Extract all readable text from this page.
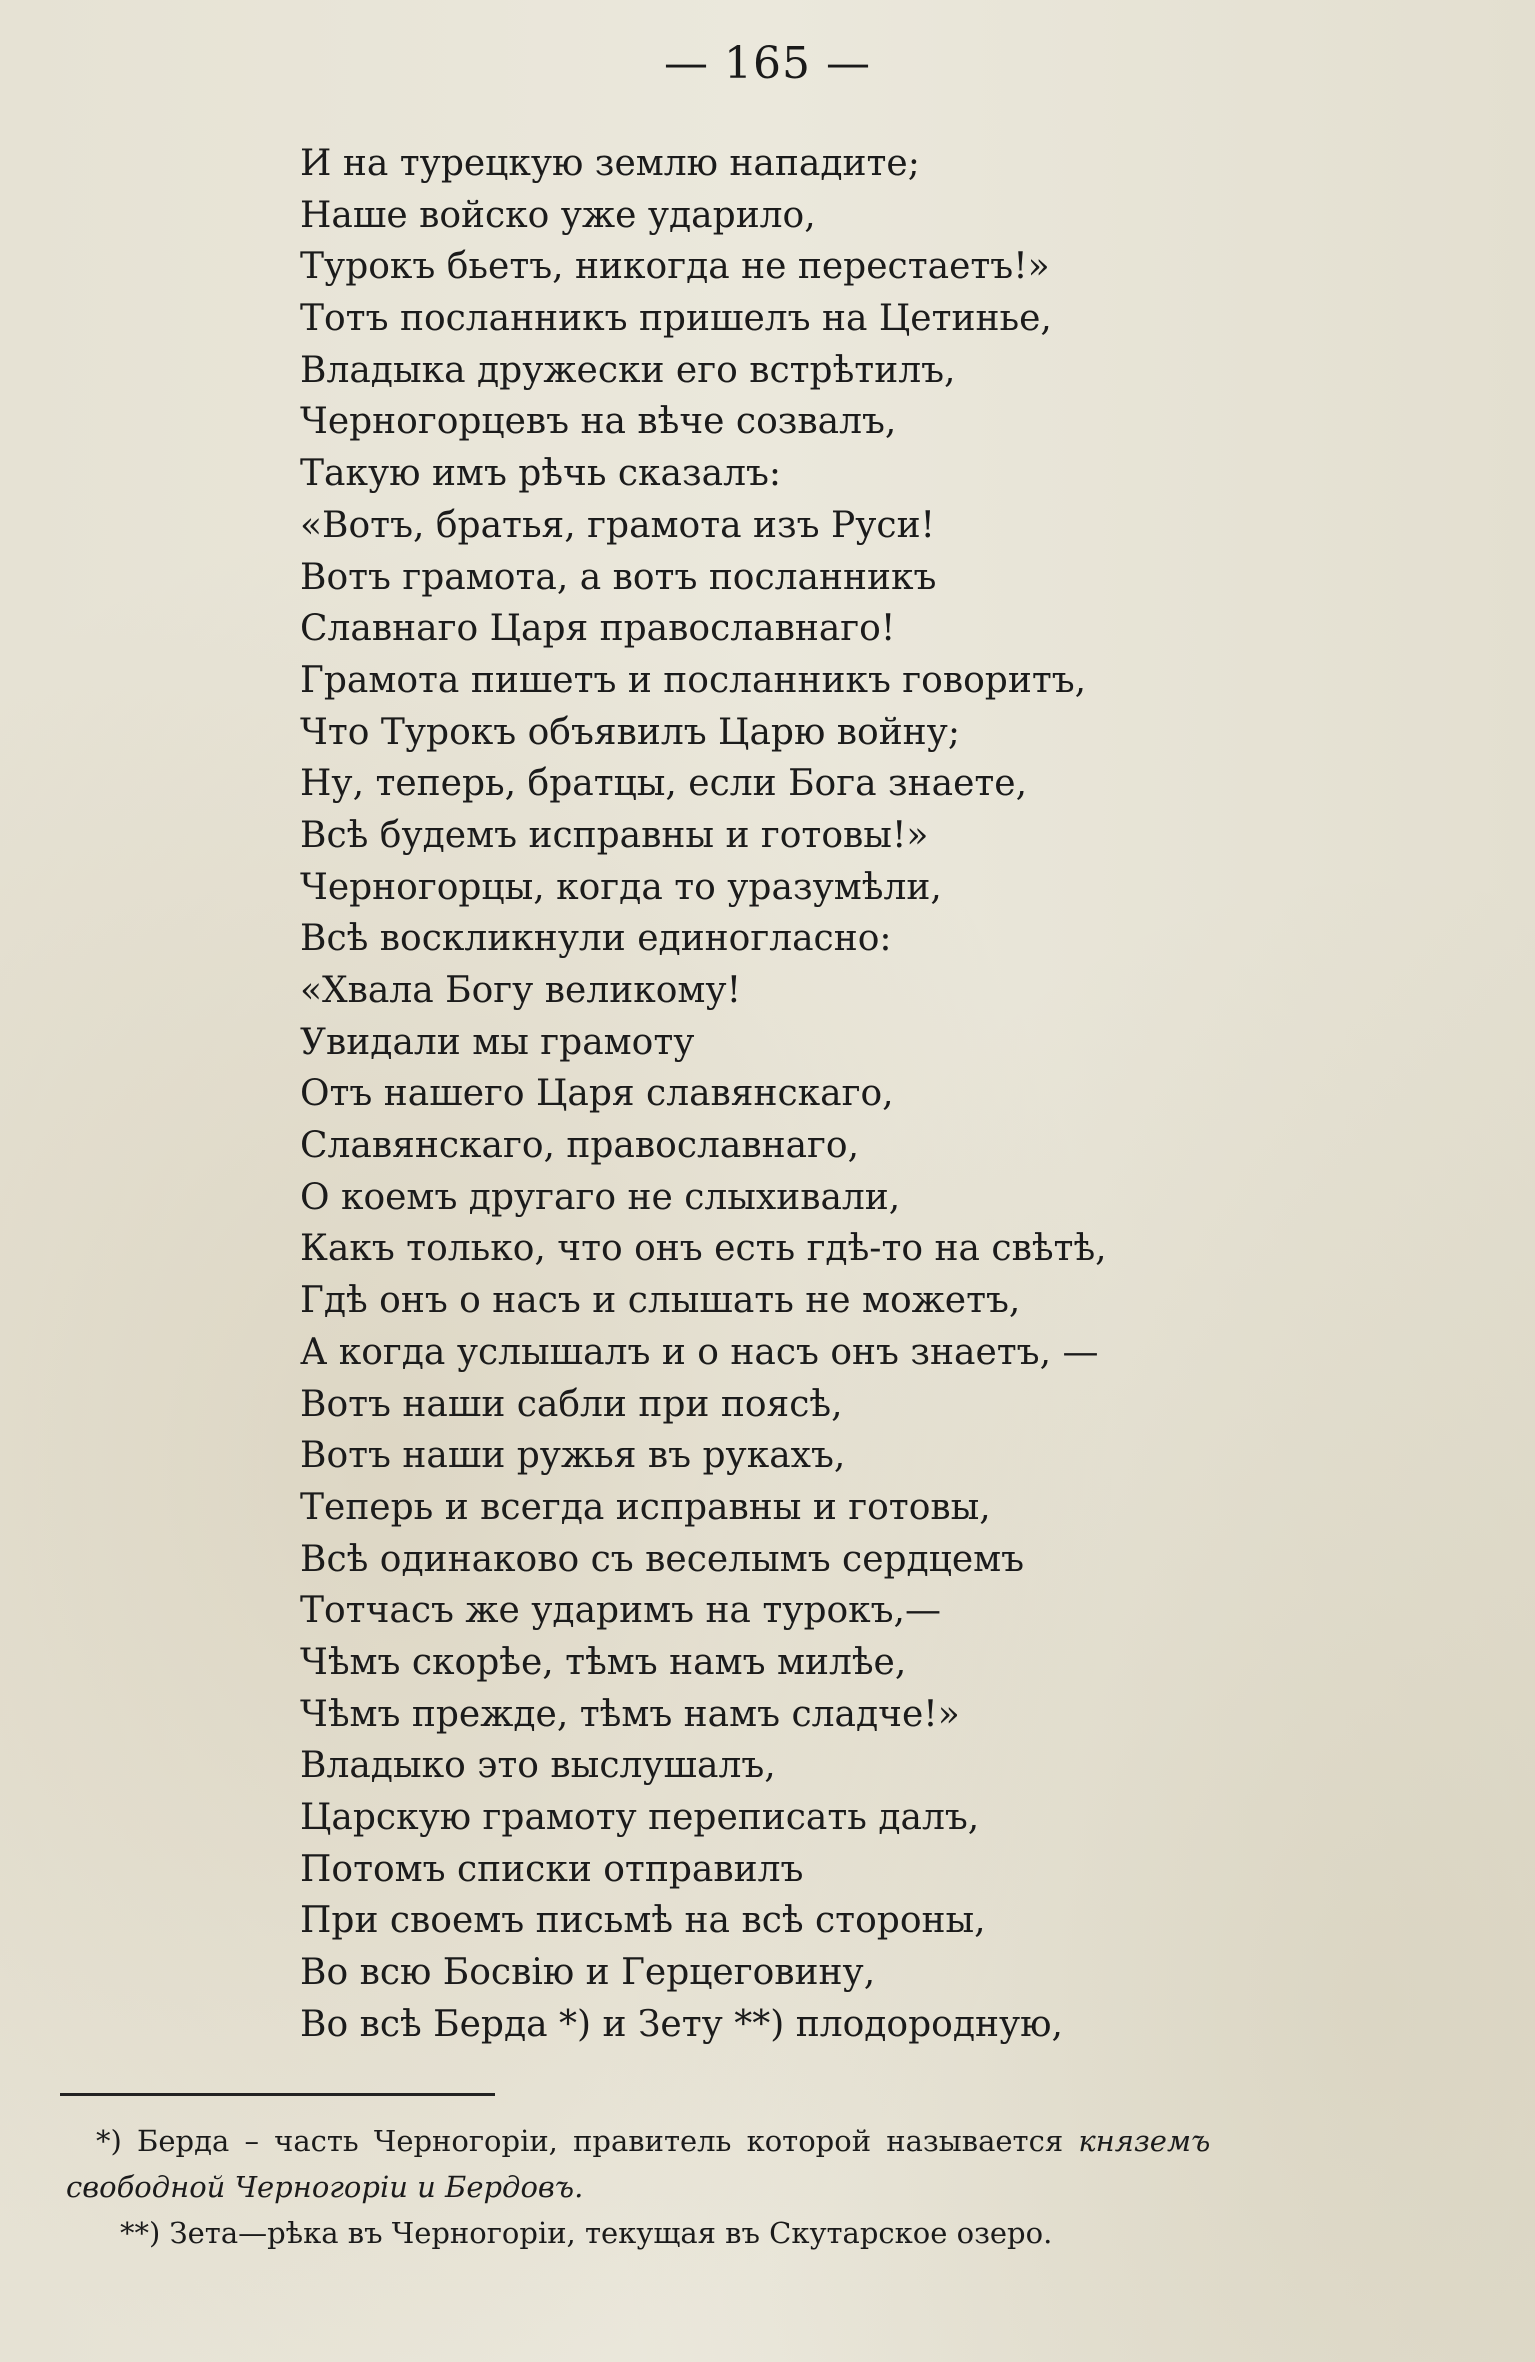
— 165 —
И на турецкую землю нападите;
Наше войско уже ударило,
Турокъ бьетъ, никогда не перестаетъ!»
Тотъ посланникъ пришелъ на Цетинье,
Владыка дружески его встрѣтилъ,
Черногорцевъ на вѣче созвалъ,
Такую имъ рѣчь сказалъ:
«Вотъ, братья, грамота изъ Руси!
Вотъ грамота, а вотъ посланникъ
Славнаго Царя православнаго!
Грамота пишетъ и посланникъ говоритъ,
Что Турокъ объявилъ Царю войну;
Ну, теперь, братцы, если Бога знаете,
Всѣ будемъ исправны и готовы!»
Черногорцы, когда то уразумѣли,
Всѣ воскликнули единогласно:
«Хвала Богу великому!
Увидали мы грамоту
Отъ нашего Царя славянскаго,
Славянскаго, православнаго,
О коемъ другаго не слыхивали,
Какъ только, что онъ есть гдѣ-то на свѣтѣ,
Гдѣ онъ о насъ и слышать не можетъ,
А когда услышалъ и о насъ онъ знаетъ, —
Вотъ наши сабли при поясѣ,
Вотъ наши ружья въ рукахъ,
Теперь и всегда исправны и готовы,
Всѣ одинаково съ веселымъ сердцемъ
Тотчасъ же ударимъ на турокъ,—
Чѣмъ скорѣе, тѣмъ намъ милѣе,
Чѣмъ прежде, тѣмъ намъ сладче!»
Владыко это выслушалъ,
Царскую грамоту переписать далъ,
Потомъ списки отправилъ
При своемъ письмѣ на всѣ стороны,
Во всю Босвію и Герцеговину,
Во всѣ Берда *) и Зету **) плодородную,
*) Берда – часть Черногоріи, правитель которой называется княземъ
свободной Черногоріи и Бердовъ.
**) Зета—рѣка въ Черногоріи, текущая въ Скутарское озеро.
